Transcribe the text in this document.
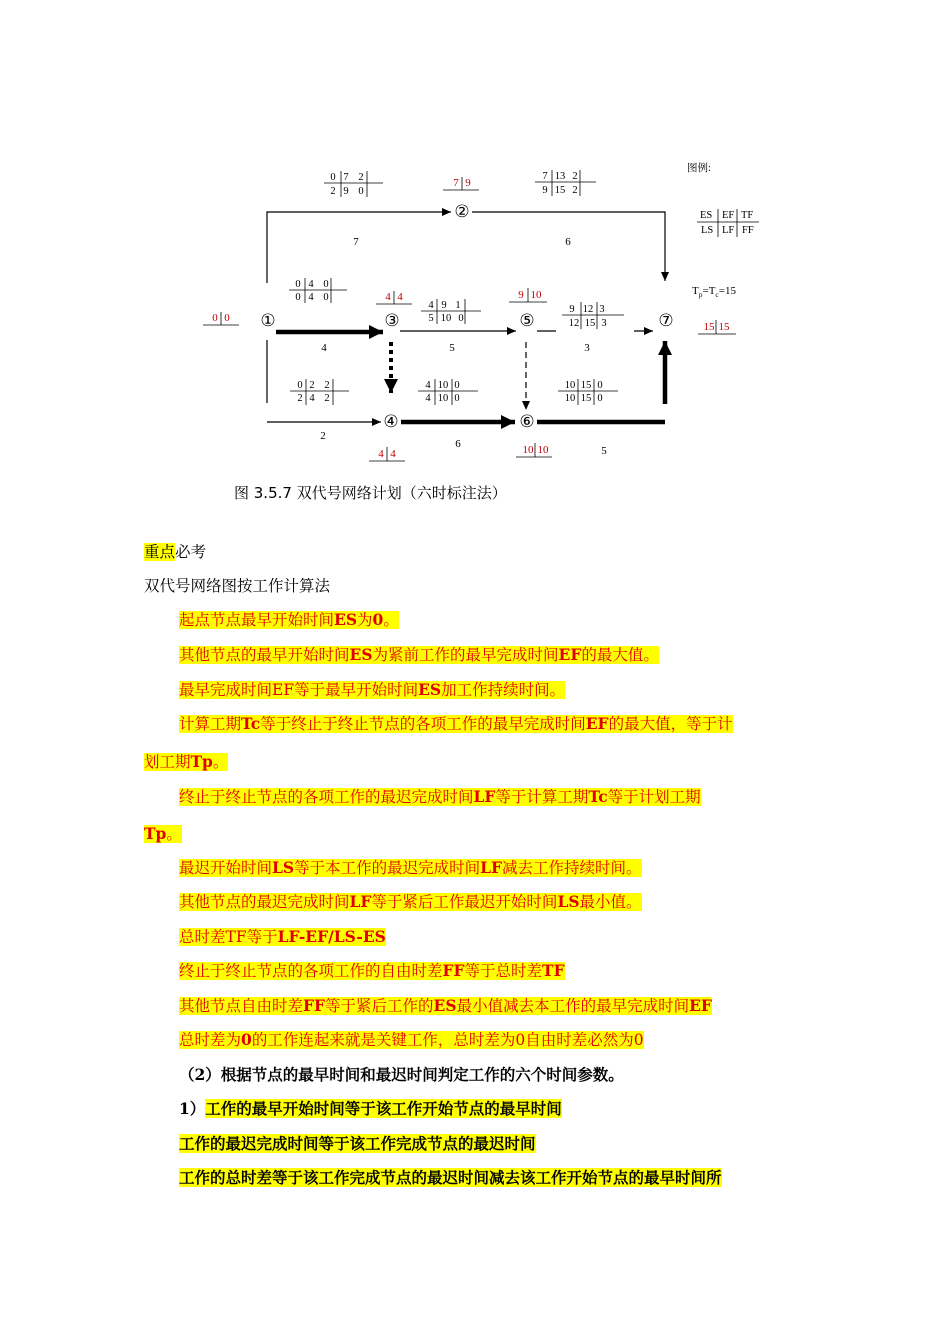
①
②
③
④
⑤
⑥
⑦
0 0
7 9
4 4
4 4
9 10
10 10
15 15
0 7 2
2 9 0
7 13 2
9 15 2
0 4 0
0 4 0
4 9 1
5 10 0
9 12 3
12 15 3
0 2 2
2 4 2
4 10 0
4 10 0
10 15 0
10 15 0
7	6
4	5	3
2
6
5
图例:
ES EF TF
LS LF FF
$T_p=T_c=15$
图 3.5.7 双代号网络计划（六时标注法）
重点必考
双代号网络图按工作计算法
起点节点最早开始时间ES为0。
其他节点的最早开始时间ES为紧前工作的最早完成时间EF的最大值。
最早完成时间EF等于最早开始时间ES加工作持续时间。
计算工期Tc等于终止于终止节点的各项工作的最早完成时间EF的最大值，等于计
划工期Tp。
终止于终止节点的各项工作的最迟完成时间LF等于计算工期Tc等于计划工期
Tp。
最迟开始时间LS等于本工作的最迟完成时间LF减去工作持续时间。
其他节点的最迟完成时间LF等于紧后工作最迟开始时间LS最小值。
总时差TF等于LF-EF/LS-ES
终止于终止节点的各项工作的自由时差FF等于总时差TF
其他节点自由时差FF等于紧后工作的ES最小值减去本工作的最早完成时间EF
总时差为0的工作连起来就是关键工作，总时差为0自由时差必然为0
（2）根据节点的最早时间和最迟时间判定工作的六个时间参数。
1）工作的最早开始时间等于该工作开始节点的最早时间
工作的最迟完成时间等于该工作完成节点的最迟时间
工作的总时差等于该工作完成节点的最迟时间减去该工作开始节点的最早时间所
